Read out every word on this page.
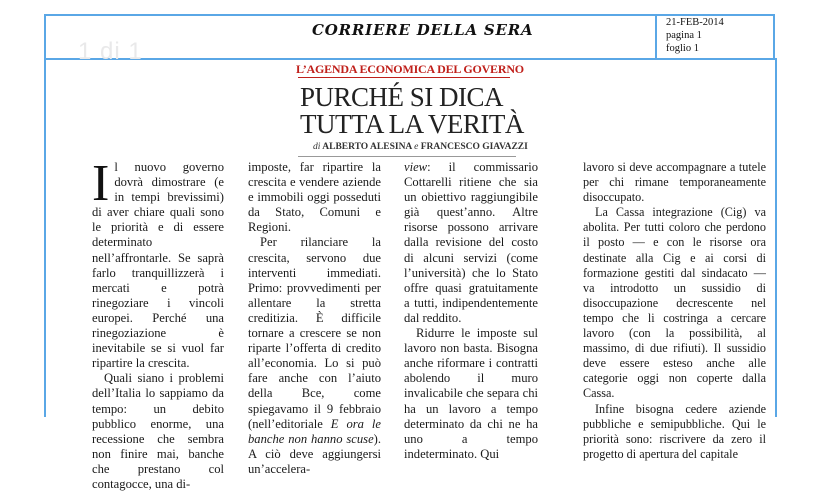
1 di 1
CORRIERE DELLA SERA	21-FEB-2014
pagina 1
foglio 1
L’AGENDA ECONOMICA DEL GOVERNO
PURCHÉ SI DICA
TUTTA LA VERITÀ
di ALBERTO ALESINA e FRANCESCO GIAVAZZI

I l nuovo governo dovrà dimostrare (e in tempi brevissimi) di aver chiare quali sono le priorità e di essere determinato nell’affrontarle. Se saprà farlo tranquillizzerà i mercati e potrà rinegoziare i vincoli europei. Perché una rinegoziazione è inevitabile se si vuol far ripartire la crescita.

Quali siano i problemi dell’Italia lo sappiamo da tempo: un debito pubblico enorme, una recessione che sembra non finire mai, banche che prestano col contagocce, una di-

imposte, far ripartire la crescita e vendere aziende e immobili oggi posseduti da Stato, Comuni e Regioni.

Per rilanciare la crescita, servono due interventi immediati. Primo: provvedimenti per allentare la stretta creditizia. È difficile tornare a crescere se non riparte l’offerta di credito all’economia. Lo si può fare anche con l’aiuto della Bce, come spiegavamo il 9 febbraio (nell’editoriale E ora le banche non hanno scuse). A ciò deve aggiungersi un’accelera-

view: il commissario Cottarelli ritiene che sia un obiettivo raggiungibile già quest’anno. Altre risorse possono arrivare dalla revisione del costo di alcuni servizi (come l’università) che lo Stato offre quasi gratuitamente a tutti, indipendentemente dal reddito.

Ridurre le imposte sul lavoro non basta. Bisogna anche riformare i contratti abolendo il muro invalicabile che separa chi ha un lavoro a tempo determinato da chi ne ha uno a tempo indeterminato. Qui

lavoro si deve accompagnare a tutele per chi rimane temporaneamente disoccupato.

La Cassa integrazione (Cig) va abolita. Per tutti coloro che perdono il posto — e con le risorse ora destinate alla Cig e ai corsi di formazione gestiti dal sindacato — va introdotto un sussidio di disoccupazione decrescente nel tempo che li costringa a cercare lavoro (con la possibilità, al massimo, di due rifiuti). Il sussidio deve essere esteso anche alle categorie oggi non coperte dalla Cassa.

Infine bisogna cedere aziende pubbliche e semipubbliche. Qui le priorità sono: riscrivere da zero il progetto di apertura del capitale
